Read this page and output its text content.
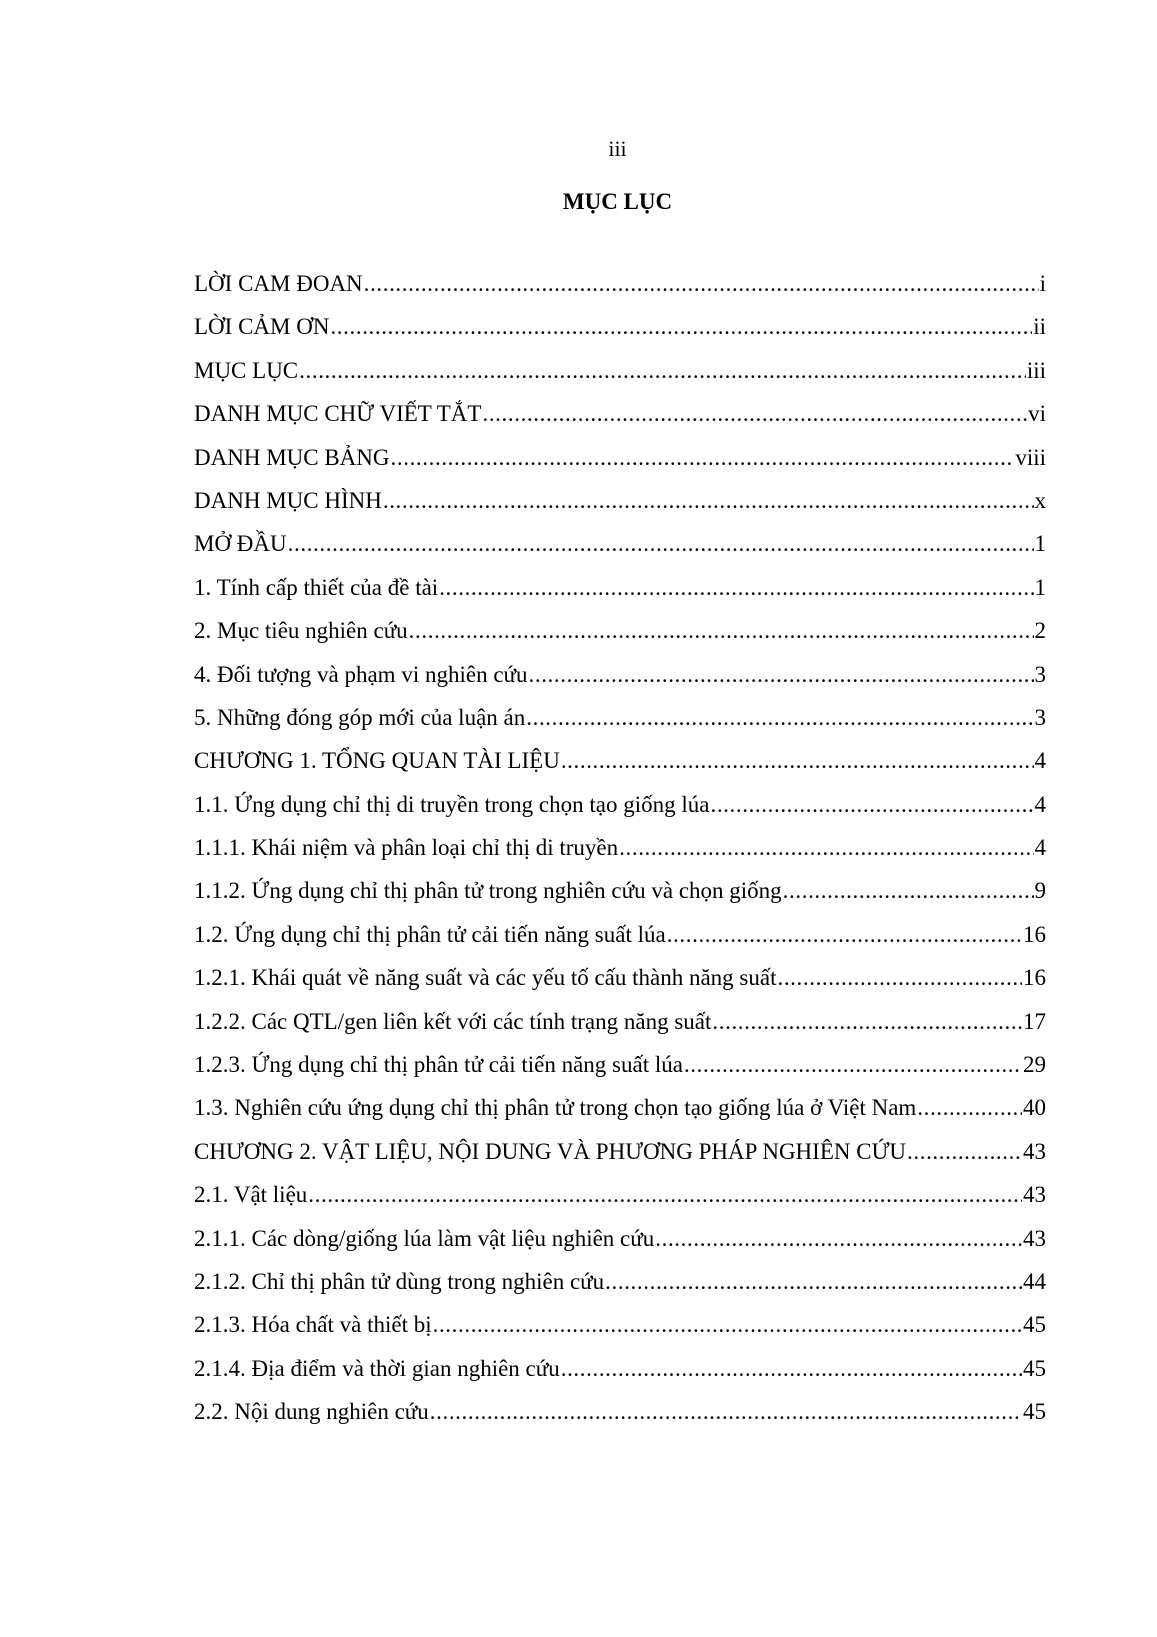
iii
MỤC LỤC
LỜI CAM ĐOAN .....	i
LỜI CẢM ƠN .....	ii
MỤC LỤC .....	iii
DANH MỤC CHỮ VIẾT TẮT .....	vi
DANH MỤC BẢNG .....	viii
DANH MỤC HÌNH .....	x
MỞ ĐẦU .....	1
1. Tính cấp thiết của đề tài .....	1
2. Mục tiêu nghiên cứu .....	2
4. Đối tượng và phạm vi nghiên cứu .....	3
5. Những đóng góp mới của luận án .....	3
CHƯƠNG 1. TỔNG QUAN TÀI LIỆU .....	4
1.1. Ứng dụng chỉ thị di truyền trong chọn tạo giống lúa .....	4
1.1.1. Khái niệm và phân loại chỉ thị di truyền .....	4
1.1.2. Ứng dụng chỉ thị phân tử trong nghiên cứu và chọn giống .....	9
1.2. Ứng dụng chỉ thị phân tử cải tiến năng suất lúa .....	16
1.2.1. Khái quát về năng suất và các yếu tố cấu thành năng suất .....	16
1.2.2. Các QTL/gen liên kết với các tính trạng năng suất .....	17
1.2.3. Ứng dụng chỉ thị phân tử cải tiến năng suất lúa .....	29
1.3. Nghiên cứu ứng dụng chỉ thị phân tử trong chọn tạo giống lúa ở Việt Nam .....	40
CHƯƠNG 2. VẬT LIỆU, NỘI DUNG VÀ PHƯƠNG PHÁP NGHIÊN CỨU .....	43
2.1. Vật liệu .....	43
2.1.1. Các dòng/giống lúa làm vật liệu nghiên cứu .....	43
2.1.2. Chỉ thị phân tử dùng trong nghiên cứu .....	44
2.1.3. Hóa chất và thiết bị .....	45
2.1.4. Địa điểm và thời gian nghiên cứu .....	45
2.2. Nội dung nghiên cứu .....	45
